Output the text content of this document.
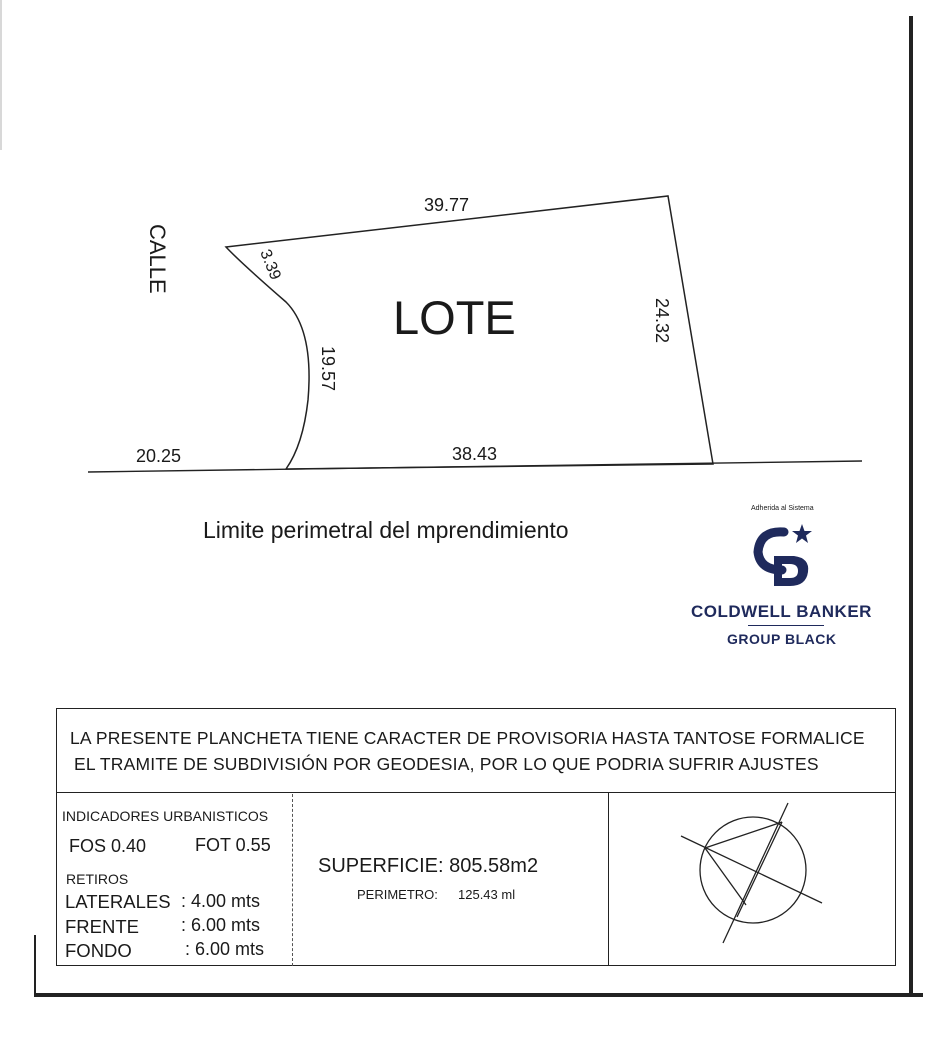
CALLE
LOTE
39.77
24.32
3.39
19.57
20.25	38.43
Limite perimetral del mprendimiento
Adherida al Sistema
COLDWELL BANKER
GROUP BLACK
LA PRESENTE PLANCHETA TIENE CARACTER DE PROVISORIA HASTA TANTOSE FORMALICE
EL TRAMITE DE SUBDIVISIÓN POR GEODESIA, POR LO QUE PODRIA SUFRIR AJUSTES
INDICADORES URBANISTICOS
FOS 0.40	FOT 0.55
RETIROS
LATERALES : 4.00 mts
FRENTE : 6.00 mts
FONDO	: 6.00 mts
SUPERFICIE: 805.58m2
PERIMETRO: 125.43 ml
